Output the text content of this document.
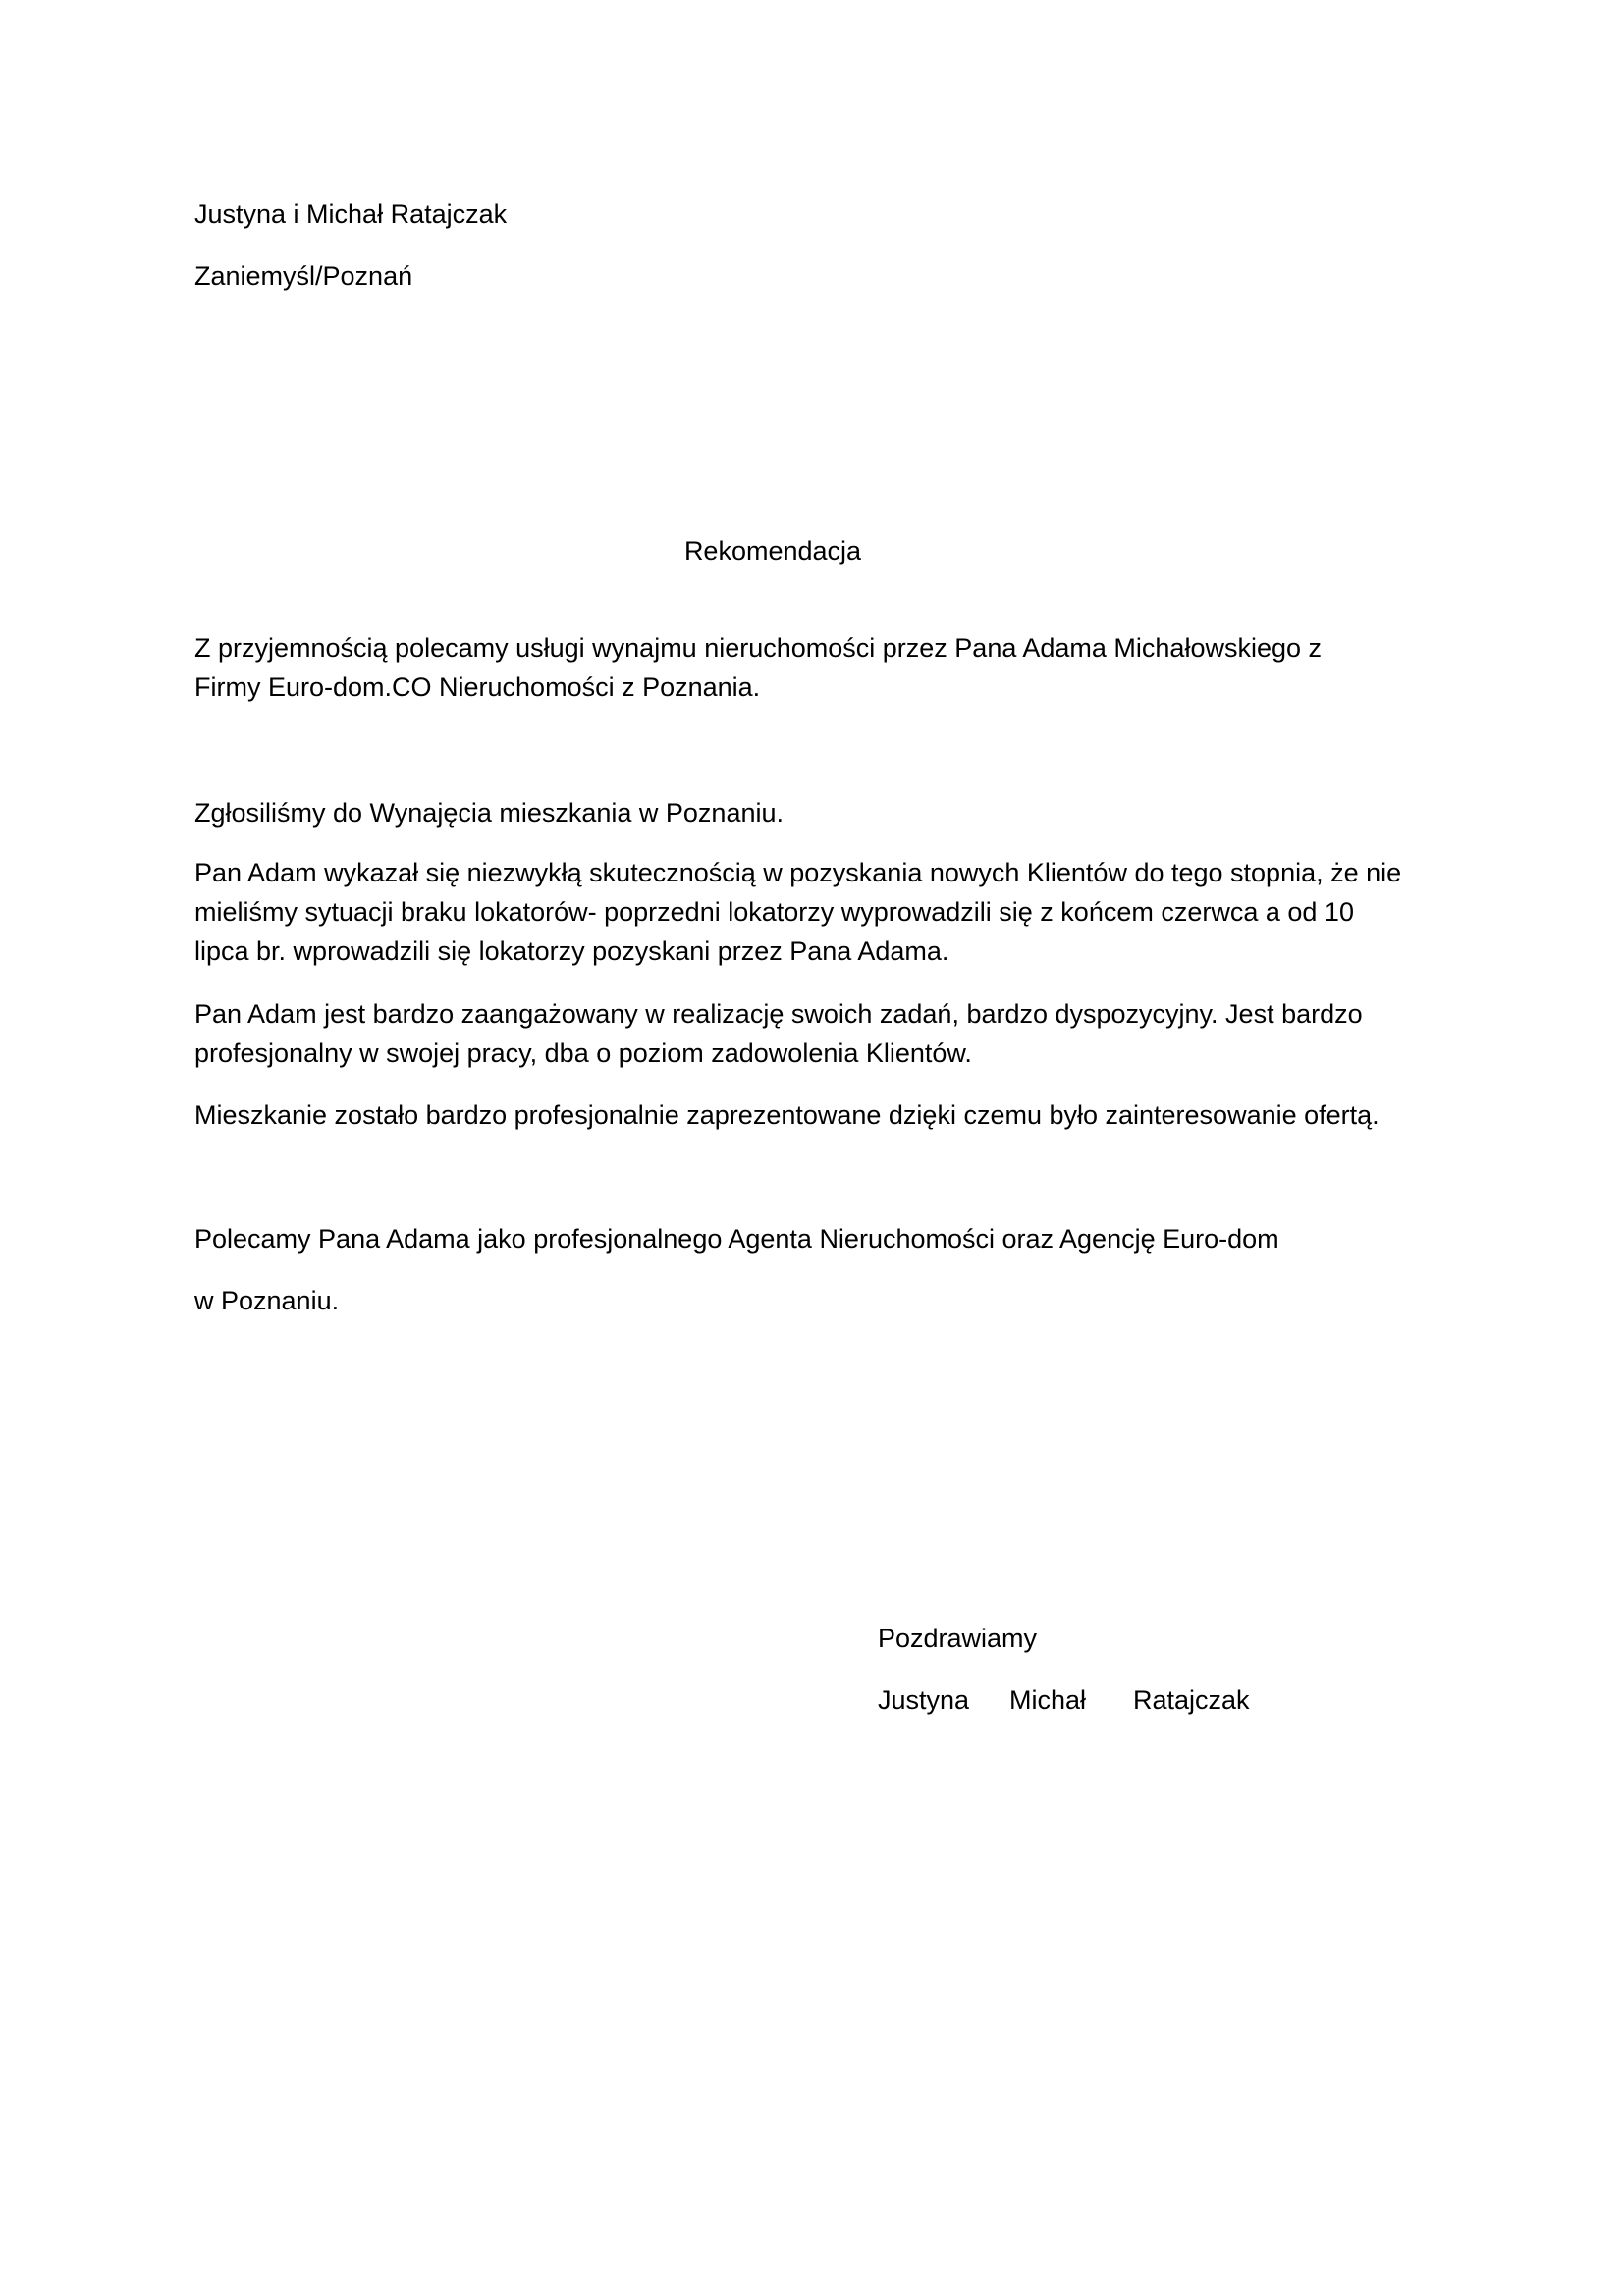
Justyna i Michał Ratajczak

Zaniemyśl/Poznań

Rekomendacja

Z przyjemnością polecamy usługi wynajmu nieruchomości przez Pana Adama Michałowskiego z

Firmy Euro-dom.CO Nieruchomości z Poznania.

Zgłosiliśmy do Wynajęcia mieszkania w Poznaniu.

Pan Adam wykazał się niezwykłą skutecznością w pozyskania nowych Klientów do tego stopnia, że nie

mieliśmy sytuacji braku lokatorów- poprzedni lokatorzy wyprowadzili się z końcem czerwca a od 10

lipca br. wprowadzili się lokatorzy pozyskani przez Pana Adama.

Pan Adam jest bardzo zaangażowany w realizację swoich zadań, bardzo dyspozycyjny. Jest bardzo

profesjonalny w swojej pracy, dba o poziom zadowolenia Klientów.

Mieszkanie zostało bardzo profesjonalnie zaprezentowane dzięki czemu było zainteresowanie ofertą.

Polecamy Pana Adama jako profesjonalnego Agenta Nieruchomości oraz Agencję Euro-dom

w Poznaniu.

Pozdrawiamy

Justyna Michał Ratajczak
